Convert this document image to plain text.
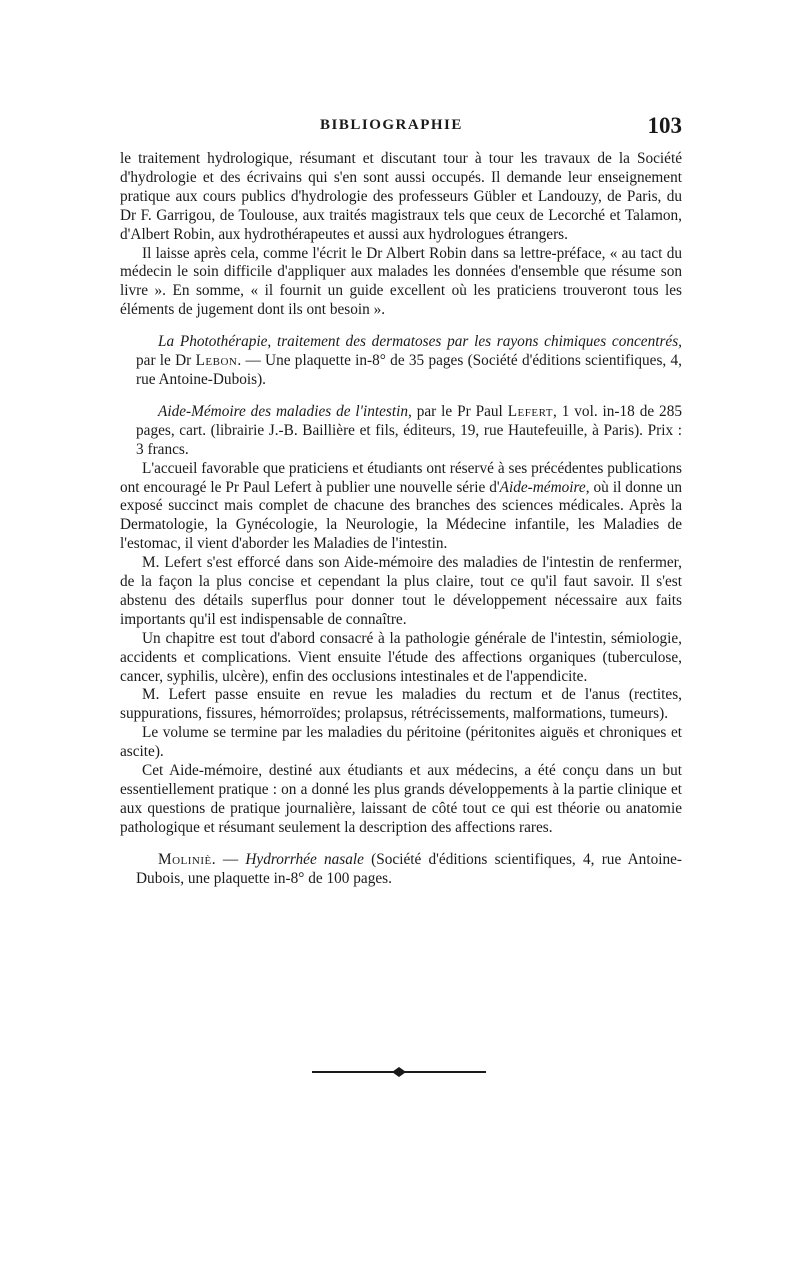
BIBLIOGRAPHIE	103

le traitement hydrologique, résumant et discutant tour à tour les travaux de la Société d'hydrologie et des écrivains qui s'en sont aussi occupés. Il demande leur enseignement pratique aux cours publics d'hydrologie des professeurs Gübler et Landouzy, de Paris, du Dr F. Garrigou, de Toulouse, aux traités magistraux tels que ceux de Lecorché et Talamon, d'Albert Robin, aux hydrothérapeutes et aussi aux hydrologues étrangers.

Il laisse après cela, comme l'écrit le Dr Albert Robin dans sa lettre-préface, « au tact du médecin le soin difficile d'appliquer aux malades les données d'ensemble que résume son livre ». En somme, « il fournit un guide excellent où les praticiens trouveront tous les éléments de jugement dont ils ont besoin ».

La Photothérapie, traitement des dermatoses par les rayons chimiques concentrés, par le Dr Lebon. — Une plaquette in-8° de 35 pages (Société d'éditions scientifiques, 4, rue Antoine-Dubois).

Aide-Mémoire des maladies de l'intestin, par le Pr Paul Lefert, 1 vol. in-18 de 285 pages, cart. (librairie J.-B. Baillière et fils, éditeurs, 19, rue Hautefeuille, à Paris). Prix : 3 francs.

L'accueil favorable que praticiens et étudiants ont réservé à ses précédentes publications ont encouragé le Pr Paul Lefert à publier une nouvelle série d'Aide-mémoire, où il donne un exposé succinct mais complet de chacune des branches des sciences médicales. Après la Dermatologie, la Gynécologie, la Neurologie, la Médecine infantile, les Maladies de l'estomac, il vient d'aborder les Maladies de l'intestin.

M. Lefert s'est efforcé dans son Aide-mémoire des maladies de l'intestin de renfermer, de la façon la plus concise et cependant la plus claire, tout ce qu'il faut savoir. Il s'est abstenu des détails superflus pour donner tout le développement nécessaire aux faits importants qu'il est indispensable de connaître.

Un chapitre est tout d'abord consacré à la pathologie générale de l'intestin, sémiologie, accidents et complications. Vient ensuite l'étude des affections organiques (tuberculose, cancer, syphilis, ulcère), enfin des occlusions intestinales et de l'appendicite.

M. Lefert passe ensuite en revue les maladies du rectum et de l'anus (rectites, suppurations, fissures, hémorroïdes; prolapsus, rétrécissements, malformations, tumeurs).

Le volume se termine par les maladies du péritoine (péritonites aiguës et chroniques et ascite).

Cet Aide-mémoire, destiné aux étudiants et aux médecins, a été conçu dans un but essentiellement pratique : on a donné les plus grands développements à la partie clinique et aux questions de pratique journalière, laissant de côté tout ce qui est théorie ou anatomie pathologique et résumant seulement la description des affections rares.

Moliniè. — Hydrorrhée nasale (Société d'éditions scientifiques, 4, rue Antoine-Dubois, une plaquette in-8° de 100 pages.
